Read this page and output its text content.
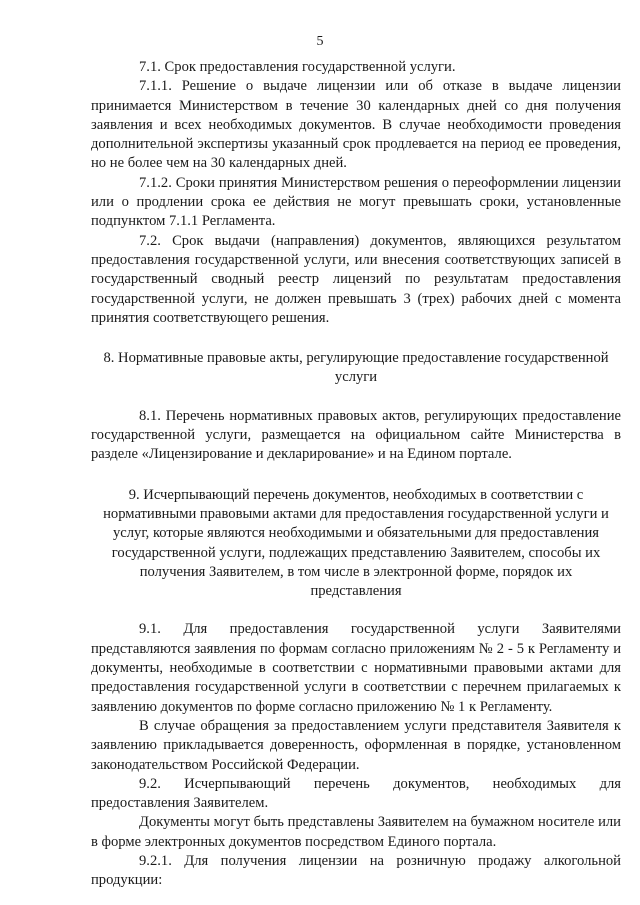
5

7.1. Срок предоставления государственной услуги.

7.1.1. Решение о выдаче лицензии или об отказе в выдаче лицензии принимается Министерством в течение 30 календарных дней со дня получения заявления и всех необходимых документов. В случае необходимости проведения дополнительной экспертизы указанный срок продлевается на период ее проведения, но не более чем на 30 календарных дней.

7.1.2. Сроки принятия Министерством решения о переоформлении лицензии или о продлении срока ее действия не могут превышать сроки, установленные подпунктом 7.1.1 Регламента.

7.2. Срок выдачи (направления) документов, являющихся результатом предоставления государственной услуги, или внесения соответствующих записей в государственный сводный реестр лицензий по результатам предоставления государственной услуги, не должен превышать 3 (трех) рабочих дней с момента принятия соответствующего решения.

8. Нормативные правовые акты, регулирующие предоставление государственной услуги

8.1. Перечень нормативных правовых актов, регулирующих предоставление государственной услуги, размещается на официальном сайте Министерства в разделе «Лицензирование и декларирование» и на Едином портале.

9. Исчерпывающий перечень документов, необходимых в соответствии с нормативными правовыми актами для предоставления государственной услуги и услуг, которые являются необходимыми и обязательными для предоставления государственной услуги, подлежащих представлению Заявителем, способы их получения Заявителем, в том числе в электронной форме, порядок их представления

9.1. Для предоставления государственной услуги Заявителями представляются заявления по формам согласно приложениям № 2 - 5 к Регламенту и документы, необходимые в соответствии с нормативными правовыми актами для предоставления государственной услуги в соответствии с перечнем прилагаемых к заявлению документов по форме согласно приложению № 1 к Регламенту.

В случае обращения за предоставлением услуги представителя Заявителя к заявлению прикладывается доверенность, оформленная в порядке, установленном законодательством Российской Федерации.

9.2. Исчерпывающий перечень документов, необходимых для предоставления Заявителем.

Документы могут быть представлены Заявителем на бумажном носителе или в форме электронных документов посредством Единого портала.

9.2.1. Для получения лицензии на розничную продажу алкогольной продукции:
